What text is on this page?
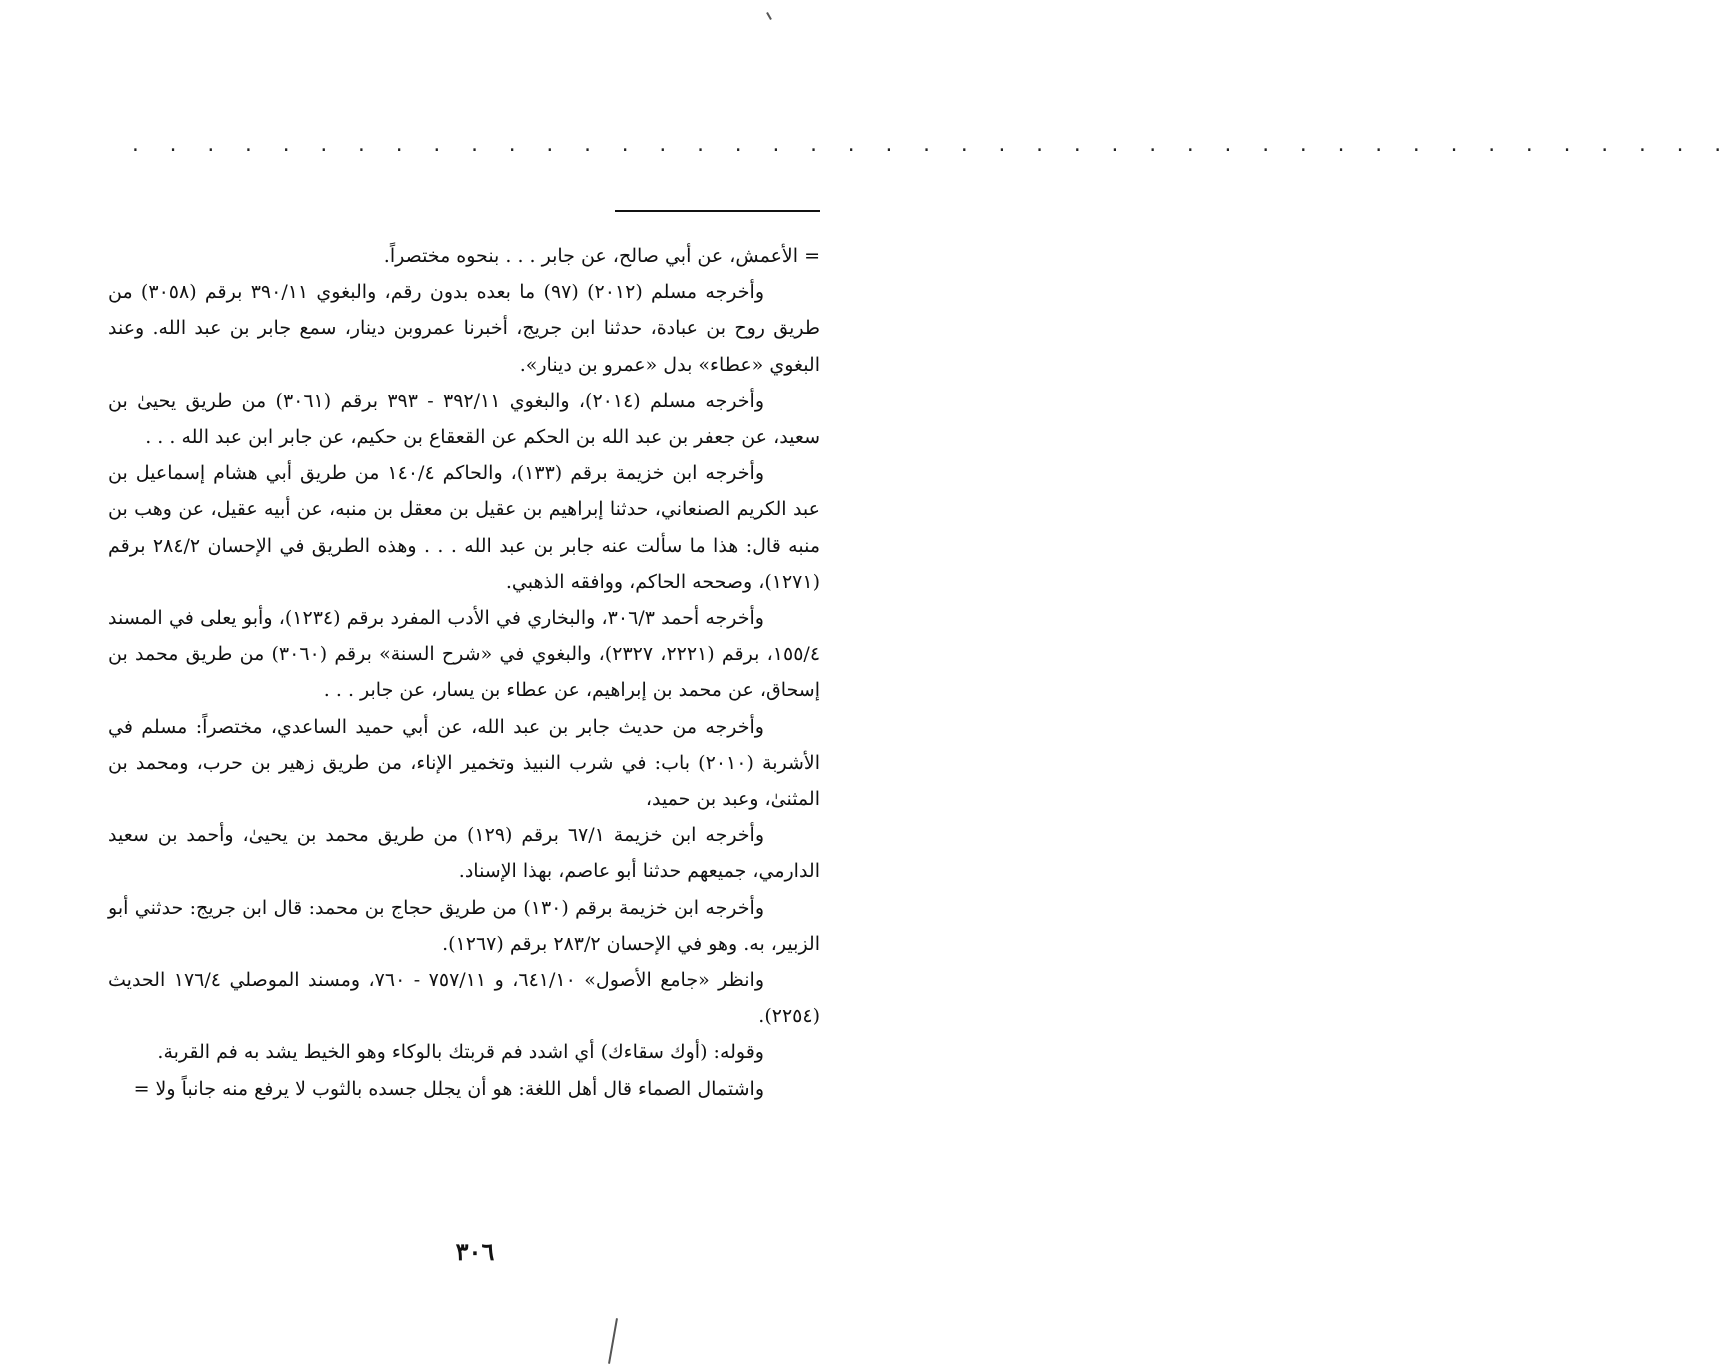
. . . . . . . . . . . . . . . . . . . . . . . . . . . . . . . . . . . . . . . . . . .

= الأعمش، عن أبي صالح، عن جابر . . . بنحوه مختصراً.

وأخرجه مسلم (٢٠١٢) (٩٧) ما بعده بدون رقم، والبغوي ٣٩٠/١١ برقم (٣٠٥٨) من طريق روح بن عبادة، حدثنا ابن جريج، أخبرنا عمروبن دينار، سمع جابر بن عبد الله. وعند البغوي «عطاء» بدل «عمرو بن دينار».

وأخرجه مسلم (٢٠١٤)، والبغوي ٣٩٢/١١ - ٣٩٣ برقم (٣٠٦١) من طريق يحيىٰ بن سعيد، عن جعفر بن عبد الله بن الحكم عن القعقاع بن حكيم، عن جابر ابن عبد الله . . .

وأخرجه ابن خزيمة برقم (١٣٣)، والحاكم ١٤٠/٤ من طريق أبي هشام إسماعيل بن عبد الكريم الصنعاني، حدثنا إبراهيم بن عقيل بن معقل بن منبه، عن أبيه عقيل، عن وهب بن منبه قال: هذا ما سألت عنه جابر بن عبد الله . . . وهذه الطريق في الإحسان ٢٨٤/٢ برقم (١٢٧١)، وصححه الحاكم، ووافقه الذهبي.

وأخرجه أحمد ٣٠٦/٣، والبخاري في الأدب المفرد برقم (١٢٣٤)، وأبو يعلى في المسند ١٥٥/٤، برقم (٢٢٢١، ٢٣٢٧)، والبغوي في «شرح السنة» برقم (٣٠٦٠) من طريق محمد بن إسحاق، عن محمد بن إبراهيم، عن عطاء بن يسار، عن جابر . . .

وأخرجه من حديث جابر بن عبد الله، عن أبي حميد الساعدي، مختصراً: مسلم في الأشربة (٢٠١٠) باب: في شرب النبيذ وتخمير الإناء، من طريق زهير بن حرب، ومحمد بن المثنىٰ، وعبد بن حميد،

وأخرجه ابن خزيمة ٦٧/١ برقم (١٢٩) من طريق محمد بن يحيىٰ، وأحمد بن سعيد الدارمي، جميعهم حدثنا أبو عاصم، بهذا الإسناد.

وأخرجه ابن خزيمة برقم (١٣٠) من طريق حجاج بن محمد: قال ابن جريج: حدثني أبو الزبير، به. وهو في الإحسان ٢٨٣/٢ برقم (١٢٦٧).

وانظر «جامع الأصول» ٦٤١/١٠، و ٧٥٧/١١ - ٧٦٠، ومسند الموصلي ١٧٦/٤ الحديث (٢٢٥٤).

وقوله: (أوك سقاءك) أي اشدد فم قربتك بالوكاء وهو الخيط يشد به فم القربة.

واشتمال الصماء قال أهل اللغة: هو أن يجلل جسده بالثوب لا يرفع منه جانباً ولا =

٣٠٦
